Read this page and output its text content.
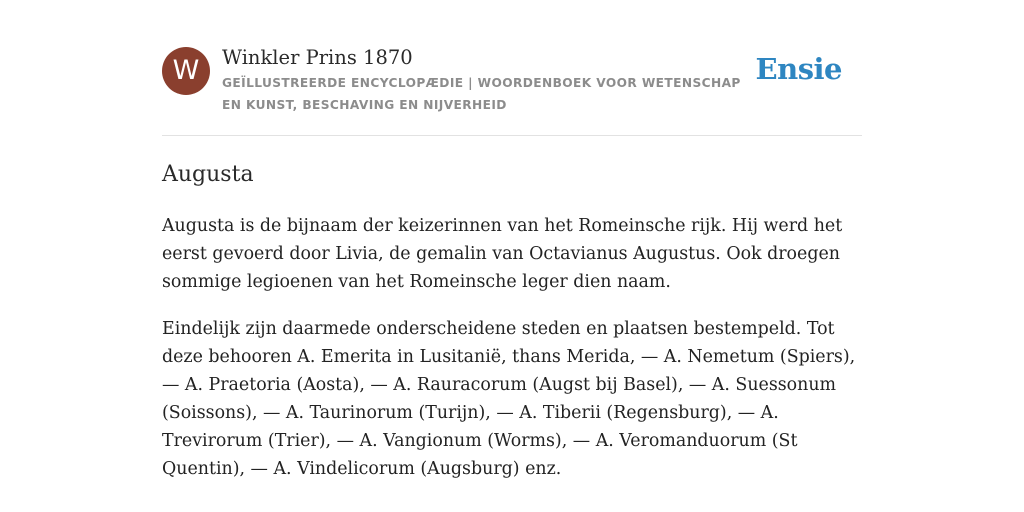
W	Winkler Prins 1870
GEÏLLUSTREERDE ENCYCLOPÆDIE | WOORDENBOEK VOOR WETENSCHAP EN KUNST, BESCHAVING EN NIJVERHEID
Ensie
Augusta

Augusta is de bijnaam der keizerinnen van het Romeinsche rijk. Hij werd het eerst gevoerd door Livia, de gemalin van Octavianus Augustus. Ook droegen sommige legioenen van het Romeinsche leger dien naam.

Eindelijk zijn daarmede onderscheidene steden en plaatsen bestempeld. Tot deze behooren A. Emerita in Lusitanië, thans Merida, — A. Nemetum (Spiers), — A. Praetoria (Aosta), — A. Rauracorum (Augst bij Basel), — A. Suessonum (Soissons), — A. Taurinorum (Turijn), — A. Tiberii (Regensburg), — A. Trevirorum (Trier), — A. Vangionum (Worms), — A. Veromanduorum (St Quentin), — A. Vindelicorum (Augsburg) enz.
